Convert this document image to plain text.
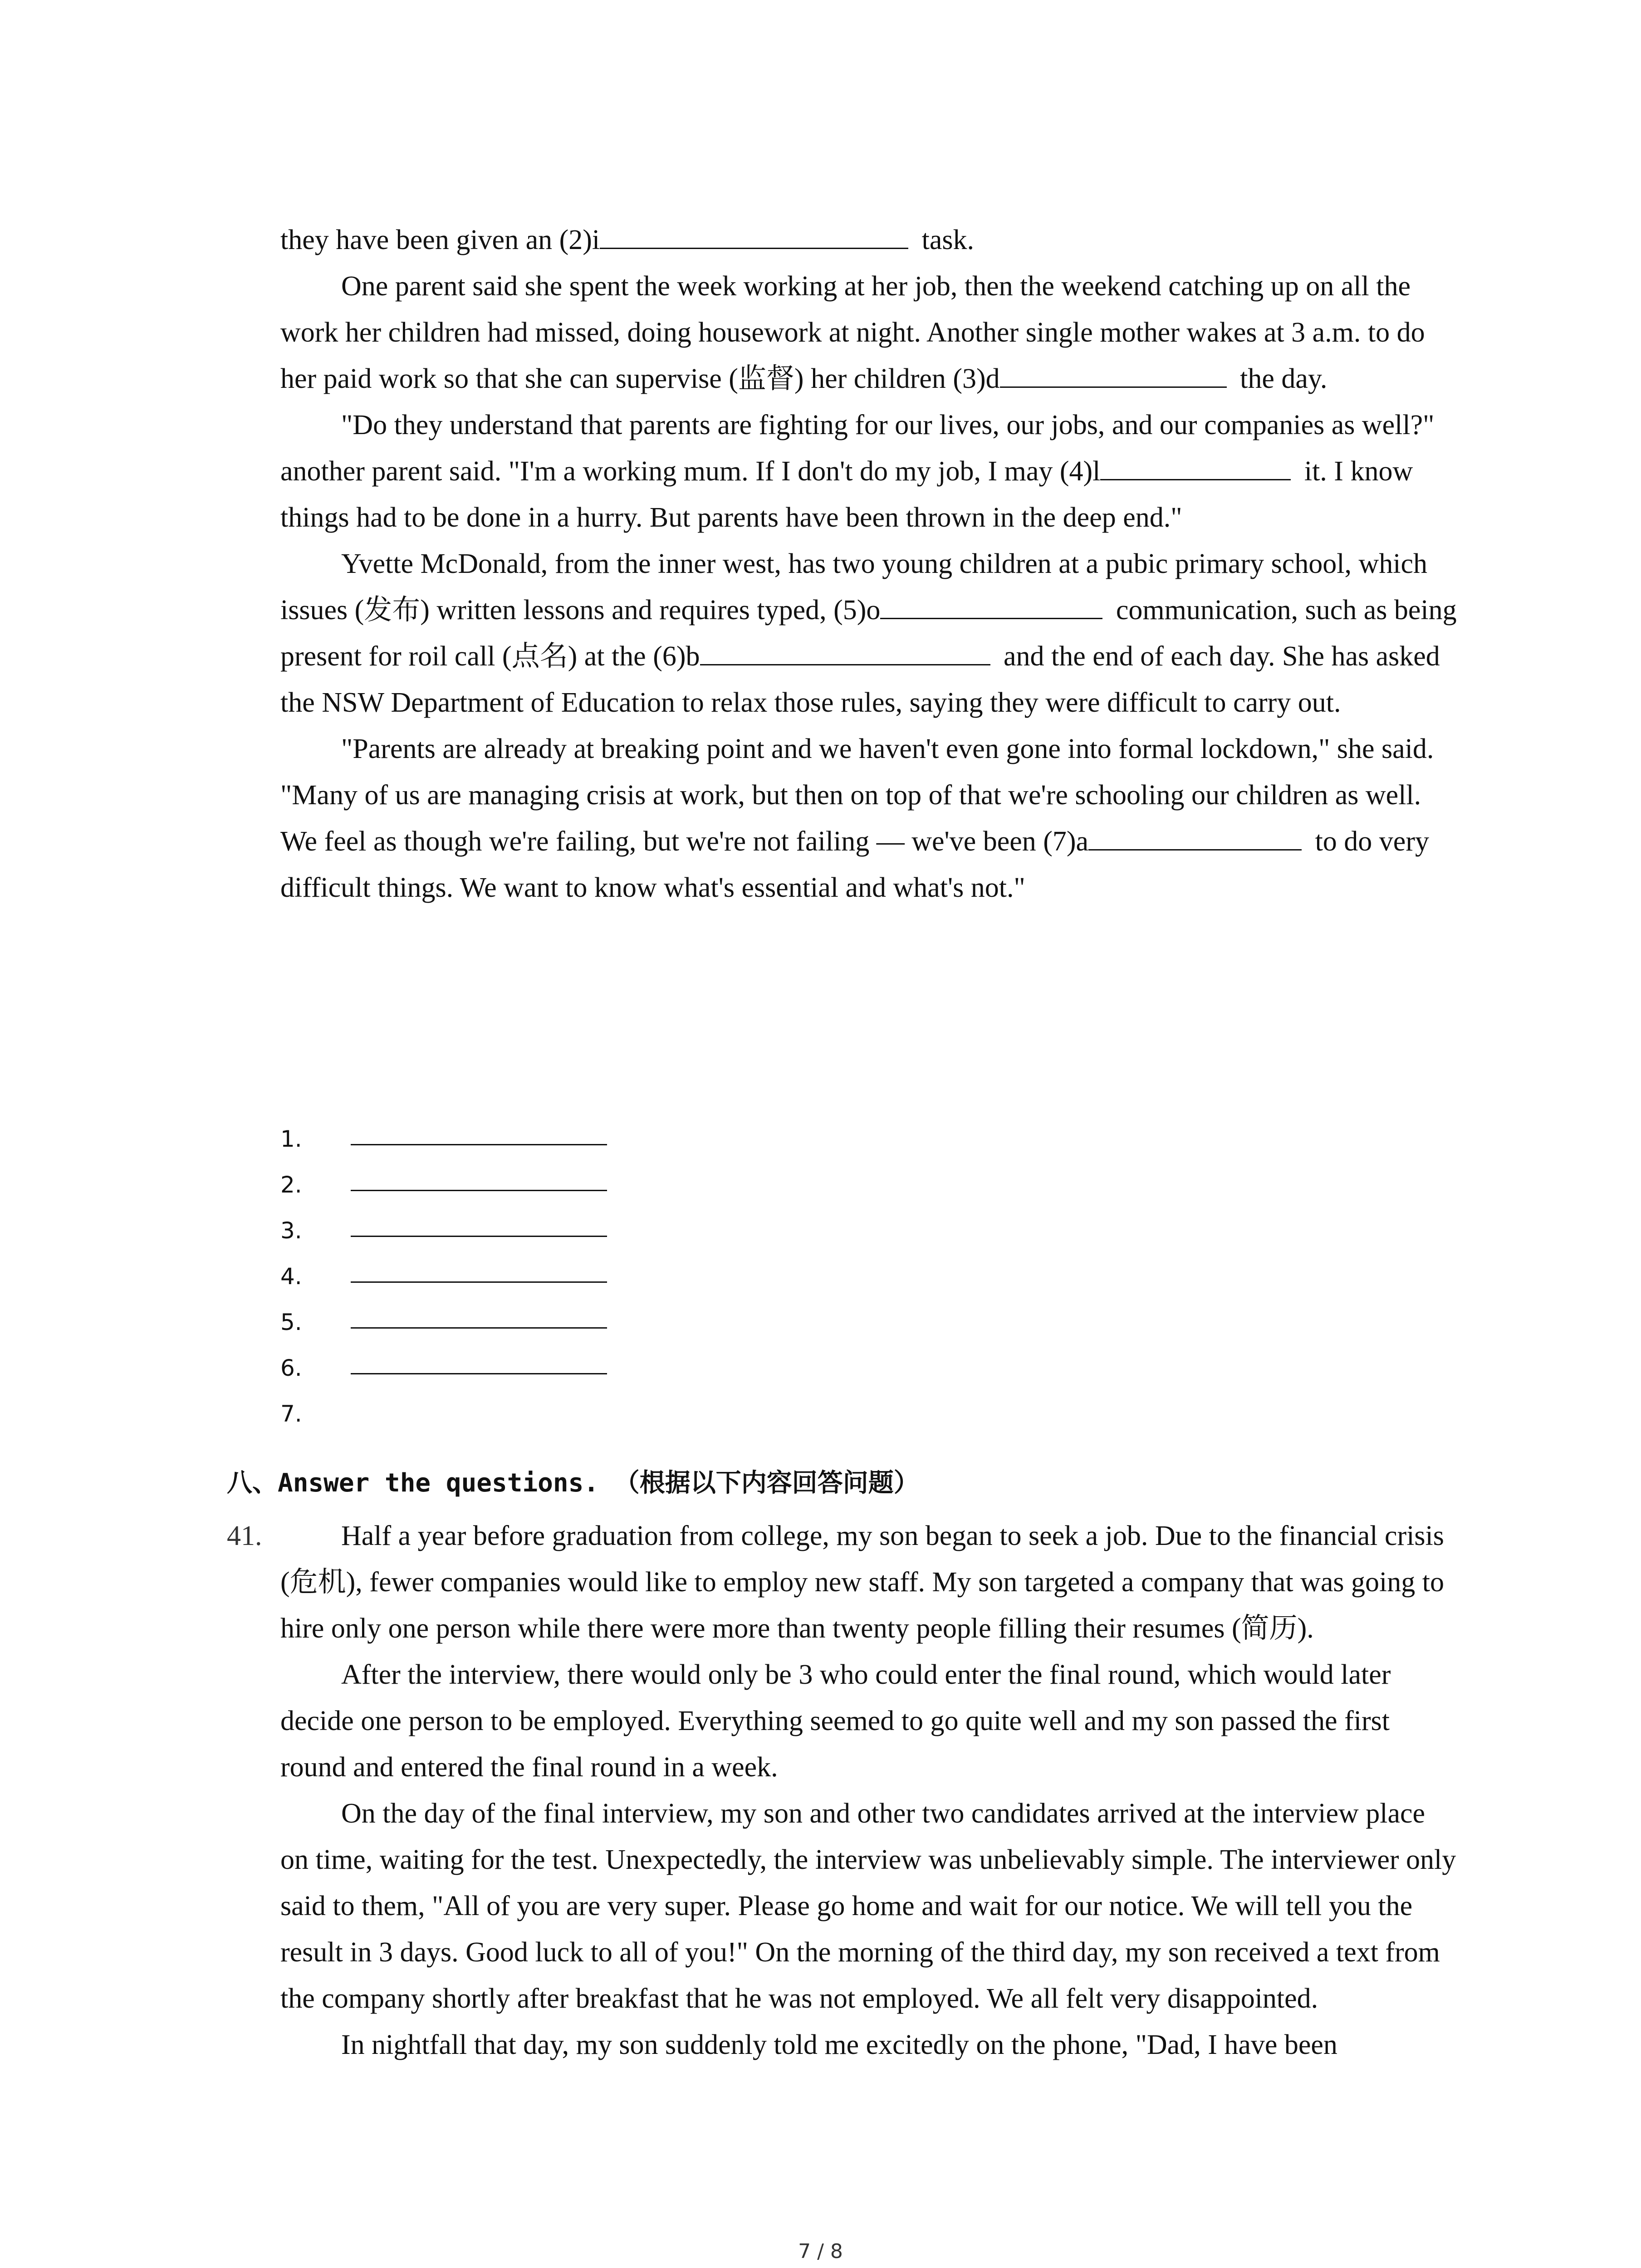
they have been given an (2)i	task.

One parent said she spent the week working at her job, then the weekend catching up on all the work her children had missed, doing housework at night. Another single mother wakes at 3 a.m. to do her paid work so that she can supervise (监督) her children (3)d	the day.

"Do they understand that parents are fighting for our lives, our jobs, and our companies as well?" another parent said. "I'm a working mum. If I don't do my job, I may (4)l	it. I know things had to be done in a hurry. But parents have been thrown in the deep end."

Yvette McDonald, from the inner west, has two young children at a pubic primary school, which issues (发布) written lessons and requires typed, (5)o	communication, such as being present for roil call (点名) at the (6)b	and the end of each day. She has asked the NSW Department of Education to relax those rules, saying they were difficult to carry out.

"Parents are already at breaking point and we haven't even gone into formal lockdown," she said. "Many of us are managing crisis at work, but then on top of that we're schooling our children as well. We feel as though we're failing, but we're not failing — we've been (7)a	to do very difficult things. We want to know what's essential and what's not."

1.
2.
3.
4.
5.
6.
7.
八、Answer the questions. （根据以下内容回答问题）
41.	Half a year before graduation from college, my son began to seek a job. Due to the financial crisis (危机), fewer companies would like to employ new staff. My son targeted a company that was going to hire only one person while there were more than twenty people filling their resumes (简历).

After the interview, there would only be 3 who could enter the final round, which would later decide one person to be employed. Everything seemed to go quite well and my son passed the first round and entered the final round in a week.

On the day of the final interview, my son and other two candidates arrived at the interview place on time, waiting for the test. Unexpectedly, the interview was unbelievably simple. The interviewer only said to them, "All of you are very super. Please go home and wait for our notice. We will tell you the result in 3 days. Good luck to all of you!" On the morning of the third day, my son received a text from the company shortly after breakfast that he was not employed. We all felt very disappointed.

In nightfall that day, my son suddenly told me excitedly on the phone, "Dad, I have been

7 / 8
